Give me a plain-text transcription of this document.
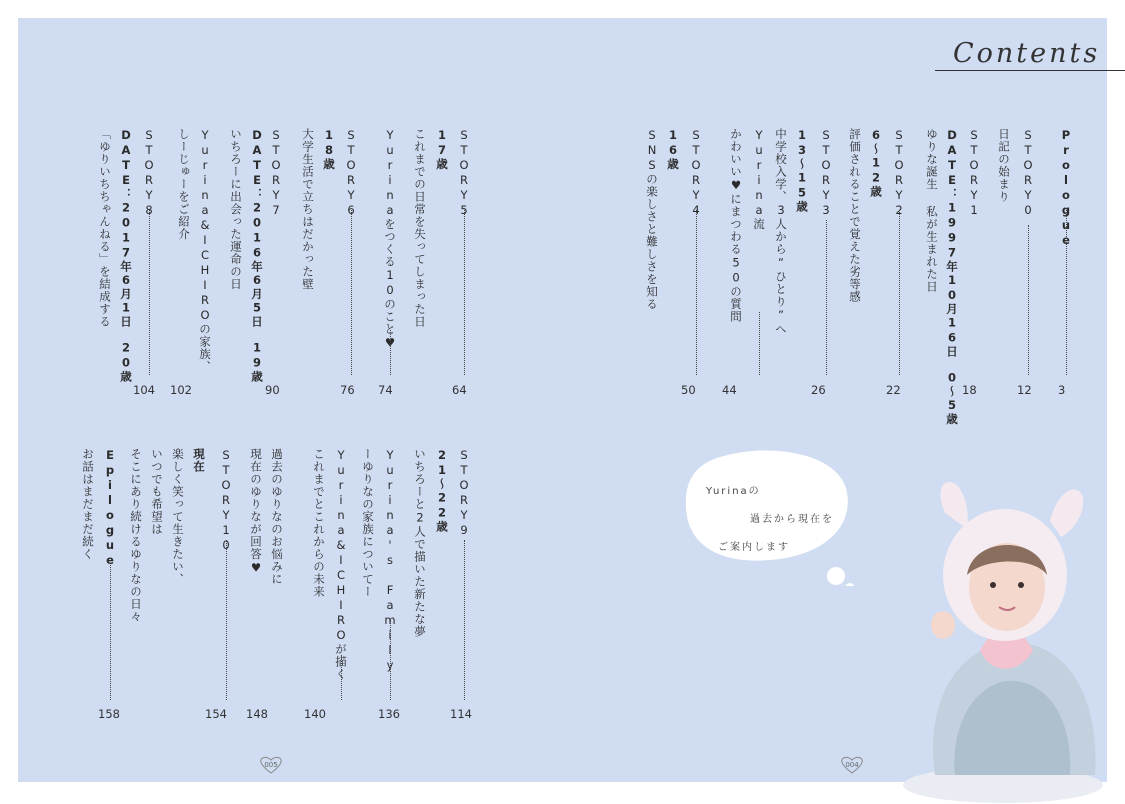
Contents
Prologue
3
STORY0
日記の始まり
12
STORY1
DATE：1997年10月16日　0〜5歳
ゆりな誕生 私が生まれた日
18
STORY2
6〜12歳
評価されることで覚えた劣等感
22
STORY3
13〜15歳
中学校入学、3人から“ひとり”へ
26
Yurina流
かわいい♥にまつわる50の質問
44
STORY4
16歳
SNSの楽しさと難しさを知る
50
STORY5
17歳
これまでの日常を失ってしまった日
64
Yurinaをつくる10のこと♥
74
STORY6
18歳
大学生活で立ちはだかった壁
76
STORY7
DATE：2016年6月5日　19歳
いちろーに出会った運命の日
90
Yurina&ICHIROの家族、
しーじゅーをご紹介
102
STORY8
DATE：2017年6月1日　20歳
「ゆりいちちゃんねる」を結成する
104
STORY9
21〜22歳
いちろーと2人で描いた新たな夢
114
Yurina's Family
ーゆりなの家族についてー
136
Yurina&ICHIROが描く
これまでとこれからの未来
140
過去のゆりなのお悩みに
現在のゆりなが回答♥
148
STORY10
現在
楽しく笑って生きたい、
いつでも希望は
そこにあり続けるゆりなの日々
154
Epilogue
お話はまだまだ続く
158
Yurinaの
過去から現在を
ご案内します
005	004
